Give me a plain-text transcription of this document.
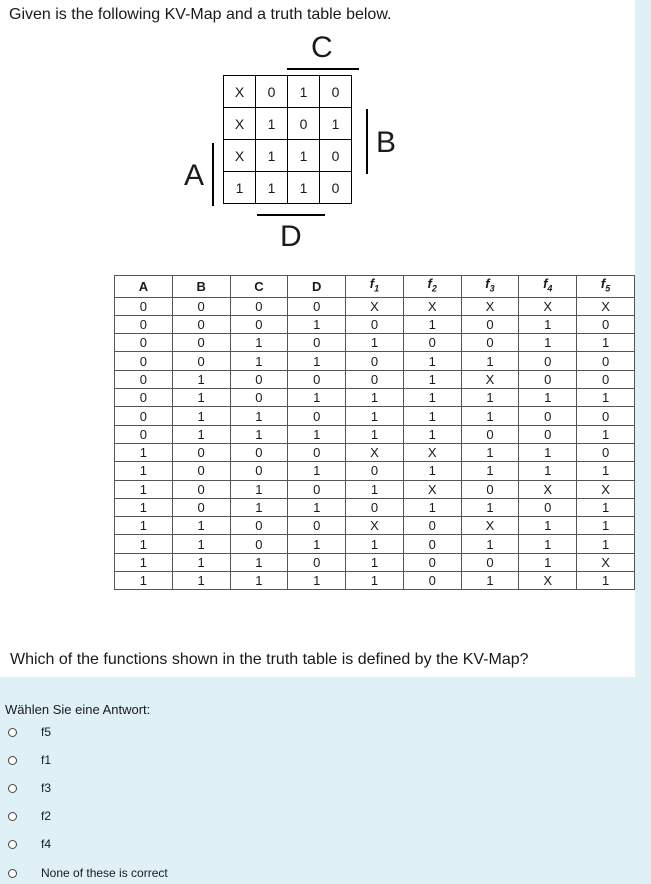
Given is the following KV-Map and a truth table below.
C
X	0	1	0
X	1	0	1
X	1	1	0
1	1	1	0
A
B
D
A	B	C	D	$f_1$	$f_2$	$f_3$	$f_4$	$f_5$
0	0	0	0	X	X	X	X	X
0	0	0	1	0	1	0	1	0
0	0	1	0	1	0	0	1	1
0	0	1	1	0	1	1	0	0
0	1	0	0	0	1	X	0	0
0	1	0	1	1	1	1	1	1
0	1	1	0	1	1	1	0	0
0	1	1	1	1	1	0	0	1
1	0	0	0	X	X	1	1	0
1	0	0	1	0	1	1	1	1
1	0	1	0	1	X	0	X	X
1	0	1	1	0	1	1	0	1
1	1	0	0	X	0	X	1	1
1	1	0	1	1	0	1	1	1
1	1	1	0	1	0	0	1	X
1	1	1	1	1	0	1	X	1
Which of the functions shown in the truth table is defined by the KV-Map?
Wählen Sie eine Antwort:
f5
f1
f3
f2
f4
None of these is correct
